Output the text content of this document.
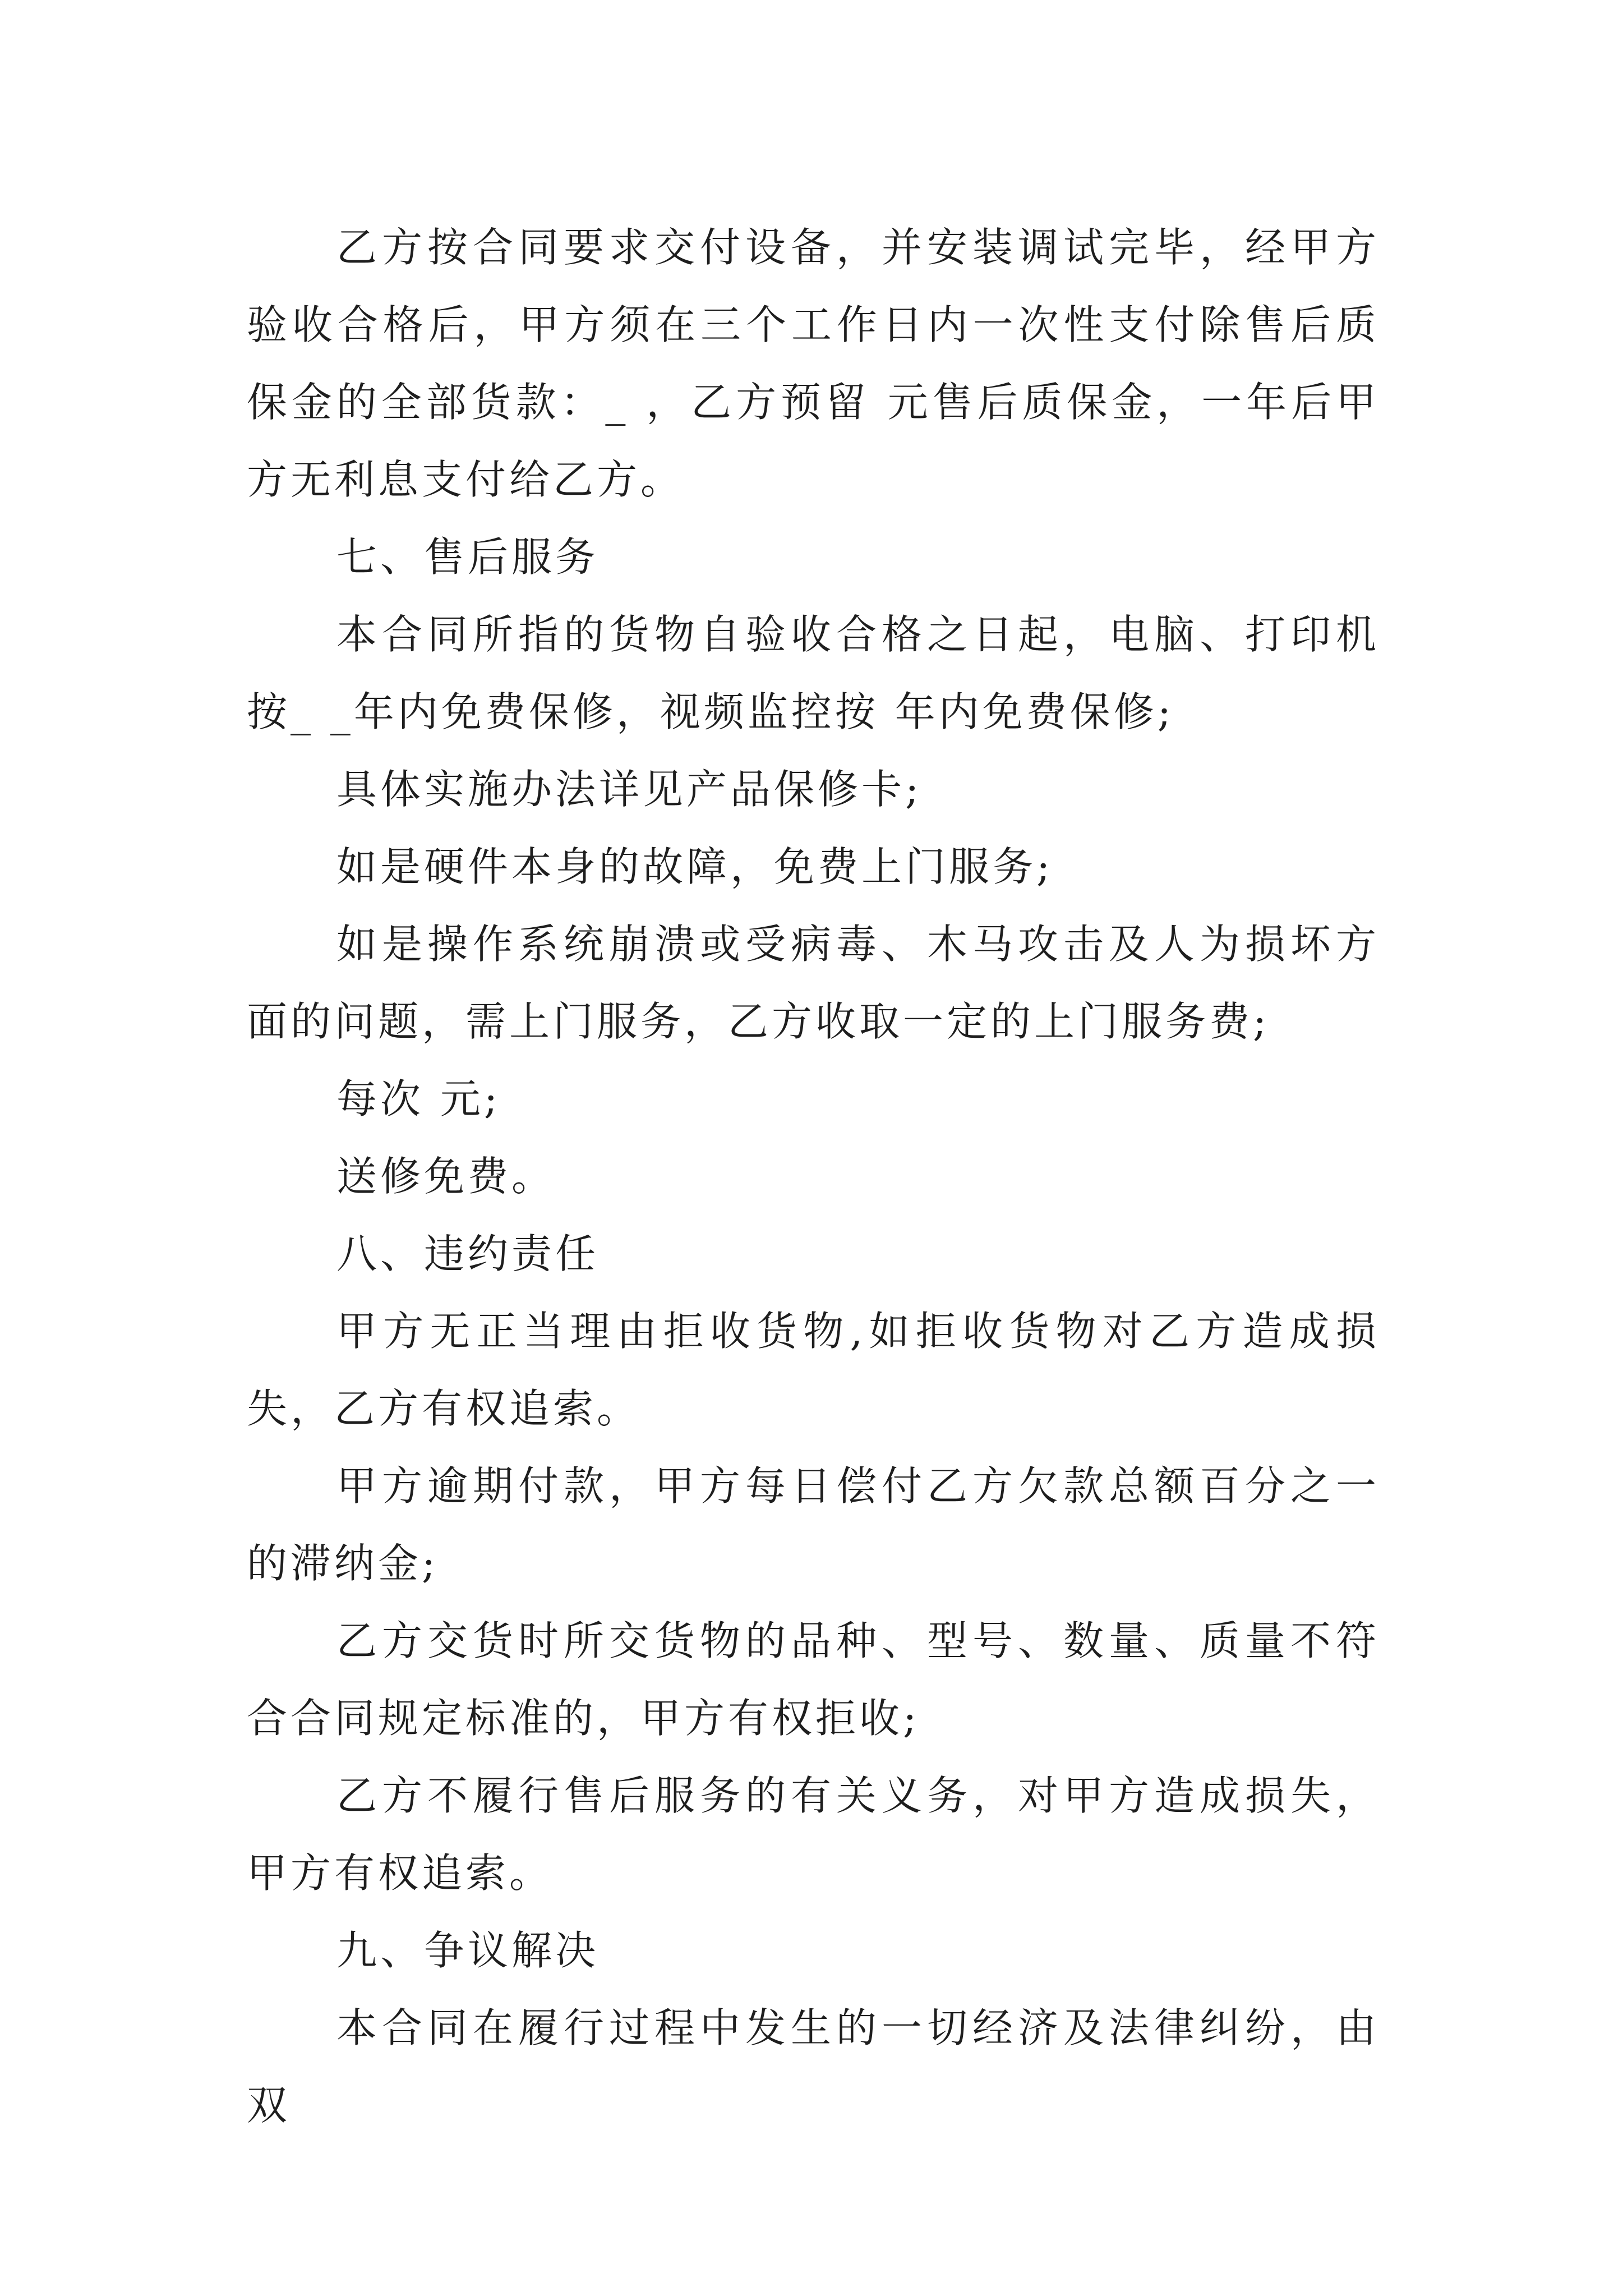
乙方按合同要求交付设备，并安装调试完毕，经甲方验收合格后，甲方须在三个工作日内一次性支付除售后质保金的全部货款：_ ，乙方预留 元售后质保金，一年后甲方无利息支付给乙方。

七、售后服务

本合同所指的货物自验收合格之日起，电脑、打印机按_ _年内免费保修，视频监控按 年内免费保修;

具体实施办法详见产品保修卡;

如是硬件本身的故障，免费上门服务;

如是操作系统崩溃或受病毒、木马攻击及人为损坏方面的问题，需上门服务，乙方收取一定的上门服务费;

每次 元;

送修免费。

八、违约责任

甲方无正当理由拒收货物,如拒收货物对乙方造成损失，乙方有权追索。

甲方逾期付款，甲方每日偿付乙方欠款总额百分之一的滞纳金;

乙方交货时所交货物的品种、型号、数量、质量不符合合同规定标准的，甲方有权拒收;

乙方不履行售后服务的有关义务，对甲方造成损失，甲方有权追索。

九、争议解决

本合同在履行过程中发生的一切经济及法律纠纷，由双
